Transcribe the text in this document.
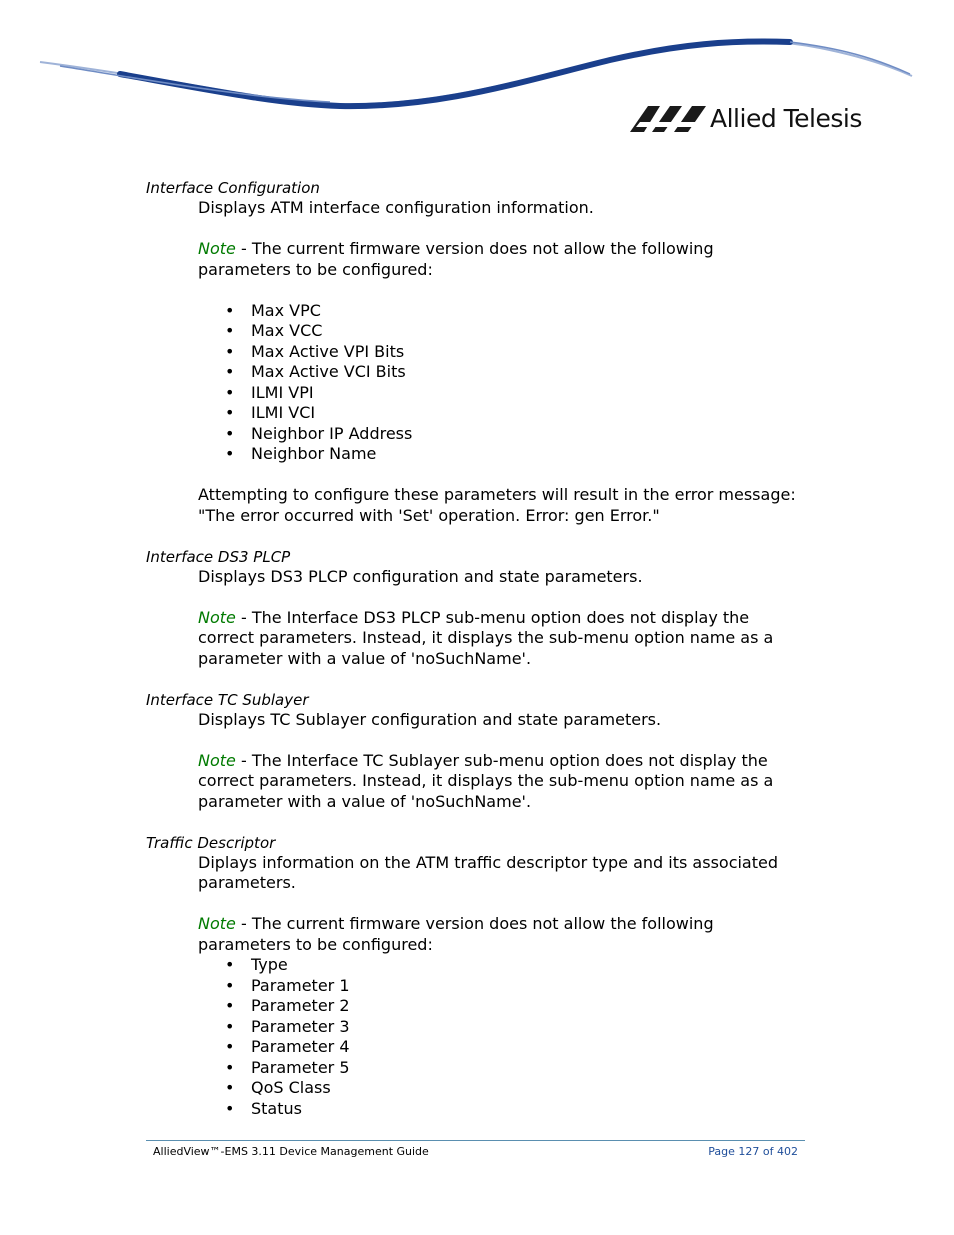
Allied Telesis

Interface Configuration

Displays ATM interface configuration information.

Note - The current firmware version does not allow the following parameters to be configured:

• Max VPC
• Max VCC
• Max Active VPI Bits
• Max Active VCI Bits
• ILMI VPI
• ILMI VCI
• Neighbor IP Address
• Neighbor Name

Attempting to configure these parameters will result in the error message: "The error occurred with 'Set' operation. Error: gen Error."

Interface DS3 PLCP

Displays DS3 PLCP configuration and state parameters.

Note - The Interface DS3 PLCP sub-menu option does not display the correct parameters. Instead, it displays the sub-menu option name as a parameter with a value of 'noSuchName'.

Interface TC Sublayer

Displays TC Sublayer configuration and state parameters.

Note - The Interface TC Sublayer sub-menu option does not display the correct parameters. Instead, it displays the sub-menu option name as a parameter with a value of 'noSuchName'.

Traffic Descriptor

Diplays information on the ATM traffic descriptor type and its associated parameters.

Note - The current firmware version does not allow the following parameters to be configured:

• Type
• Parameter 1
• Parameter 2
• Parameter 3
• Parameter 4
• Parameter 5
• QoS Class
• Status
AlliedView™-EMS 3.11 Device Management Guide	Page 127 of 402
